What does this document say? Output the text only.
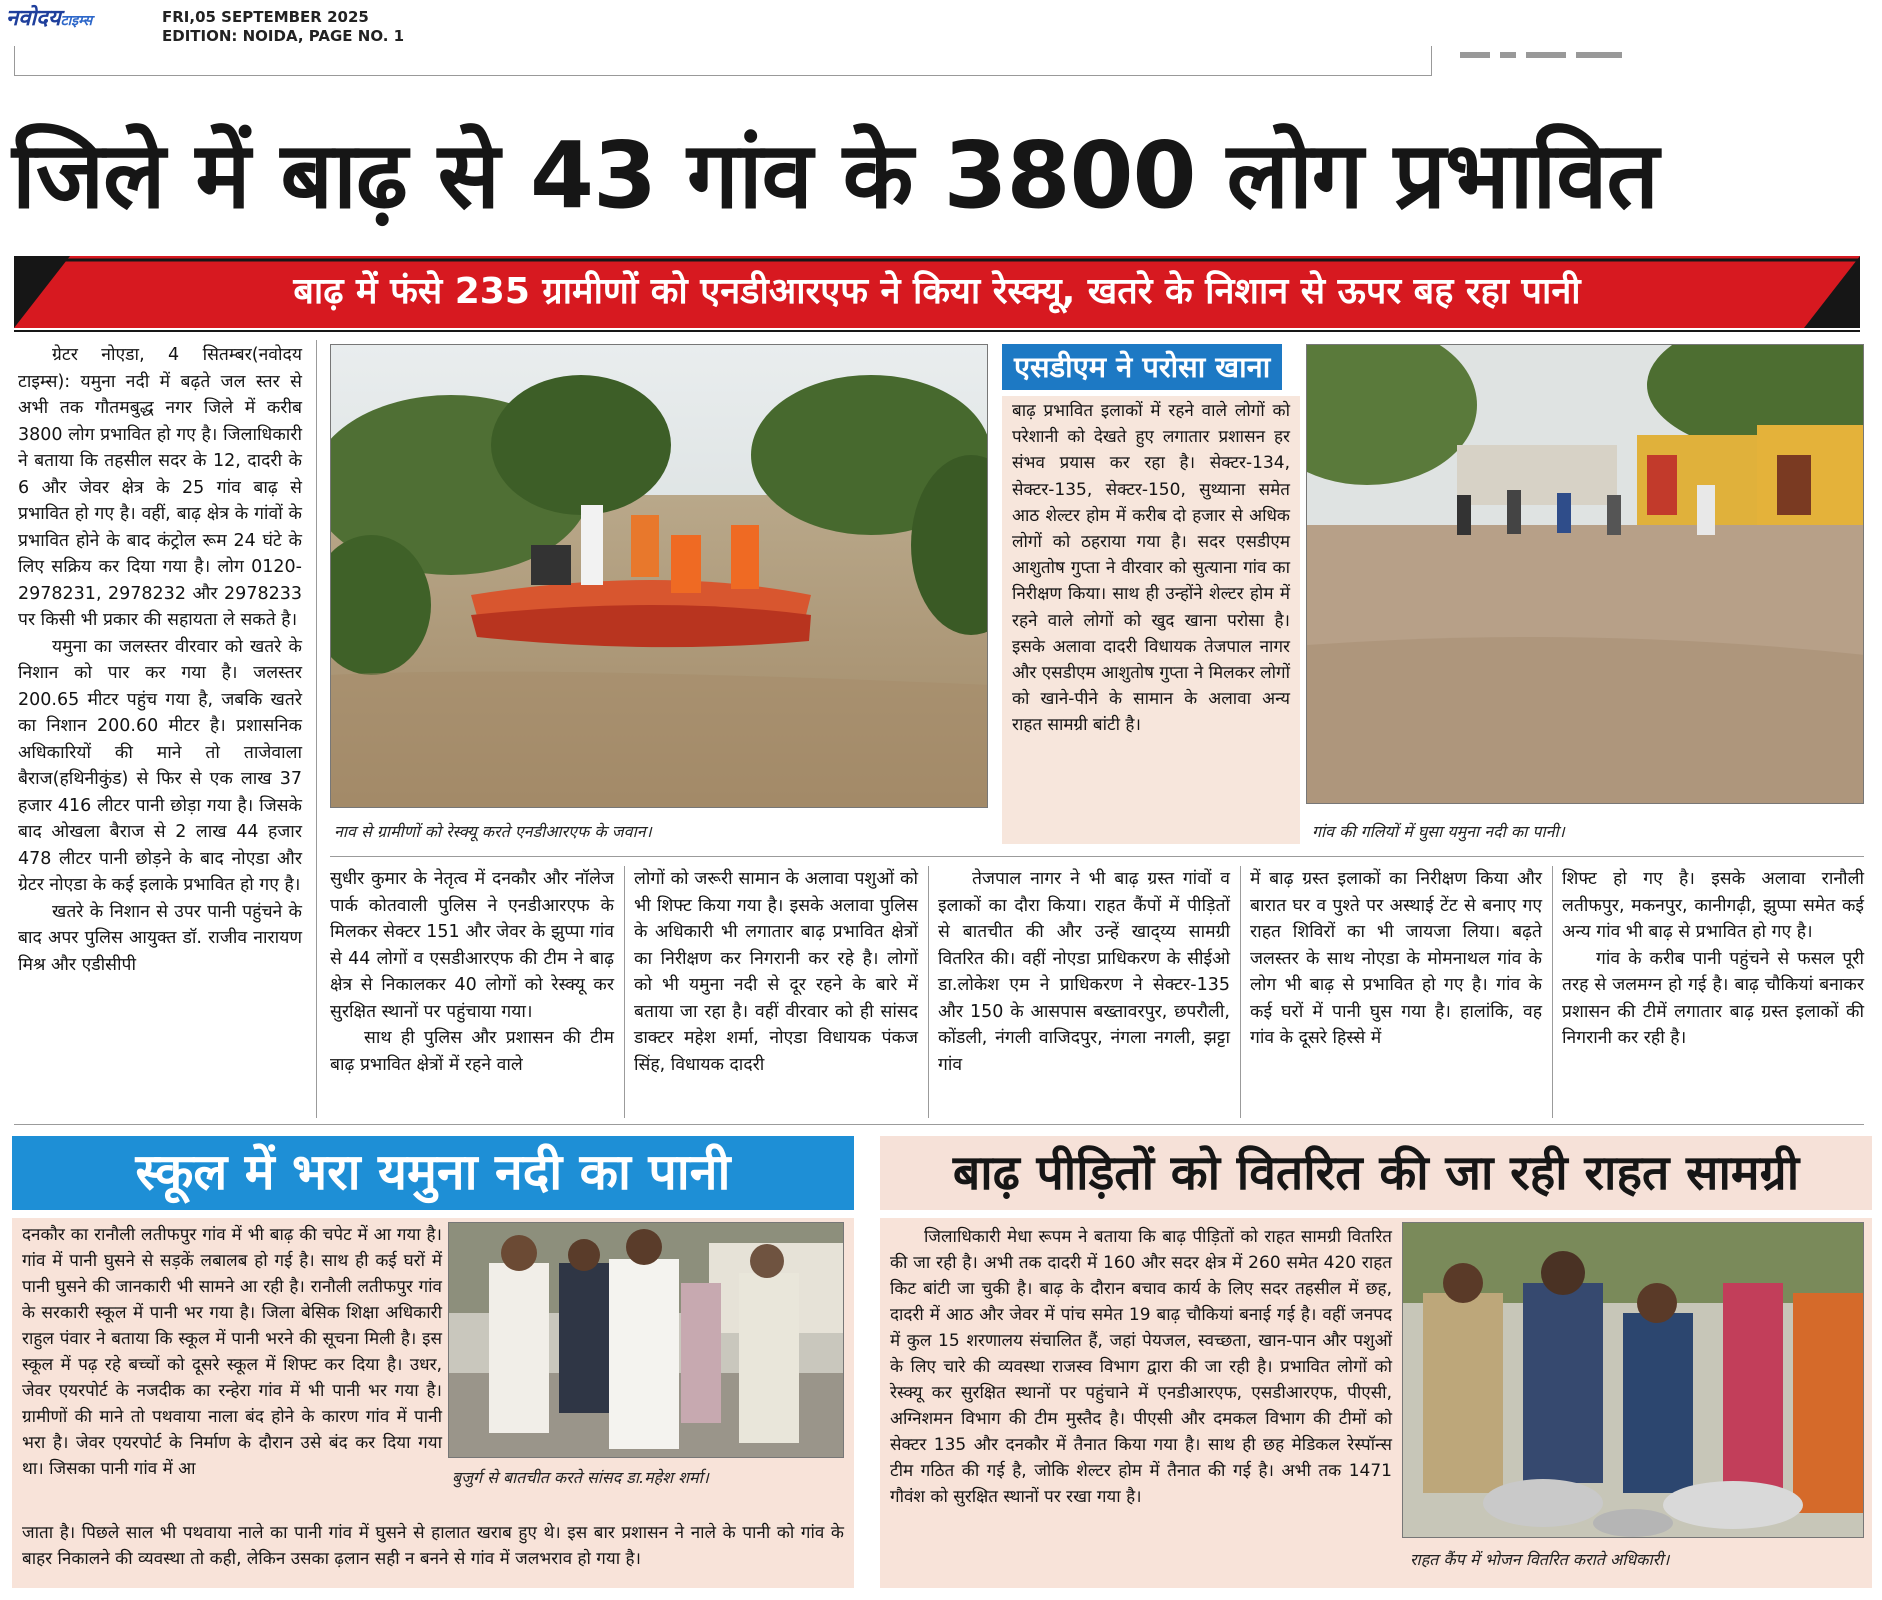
नवोदयटाइम्स	FRI,05 SEPTEMBER 2025
EDITION: NOIDA, PAGE NO. 1
जिले में बाढ़ से 43 गांव के 3800 लोग प्रभावित
बाढ़ में फंसे 235 ग्रामीणों को एनडीआरएफ ने किया रेस्क्यू, खतरे के निशान से ऊपर बह रहा पानी

ग्रेटर नोएडा, 4 सितम्बर(नवोदय टाइम्स): यमुना नदी में बढ़ते जल स्तर से अभी तक गौतमबुद्ध नगर जिले में करीब 3800 लोग प्रभावित हो गए है। जिलाधिकारी ने बताया कि तहसील सदर के 12, दादरी के 6 और जेवर क्षेत्र के 25 गांव बाढ़ से प्रभावित हो गए है। वहीं, बाढ़ क्षेत्र के गांवों के प्रभावित होने के बाद कंट्रोल रूम 24 घंटे के लिए सक्रिय कर दिया गया है। लोग 0120-2978231, 2978232 और 2978233 पर किसी भी प्रकार की सहायता ले सकते है।

यमुना का जलस्तर वीरवार को खतरे के निशान को पार कर गया है। जलस्तर 200.65 मीटर पहुंच गया है, जबकि खतरे का निशान 200.60 मीटर है। प्रशासनिक अधिकारियों की माने तो ताजेवाला बैराज(हथिनीकुंड) से फिर से एक लाख 37 हजार 416 लीटर पानी छोड़ा गया है। जिसके बाद ओखला बैराज से 2 लाख 44 हजार 478 लीटर पानी छोड़ने के बाद नोएडा और ग्रेटर नोएडा के कई इलाके प्रभावित हो गए है।

खतरे के निशान से उपर पानी पहुंचने के बाद अपर पुलिस आयुक्त डॉ. राजीव नारायण मिश्र और एडीसीपी

नाव से ग्रामीणों को रेस्क्यू करते एनडीआरएफ के जवान।
एसडीएम ने परोसा खाना

बाढ़ प्रभावित इलाकों में रहने वाले लोगों को परेशानी को देखते हुए लगातार प्रशासन हर संभव प्रयास कर रहा है। सेक्टर-134, सेक्टर-135, सेक्टर-150, सुथ्याना समेत आठ शेल्टर होम में करीब दो हजार से अधिक लोगों को ठहराया गया है। सदर एसडीएम आशुतोष गुप्ता ने वीरवार को सुत्याना गांव का निरीक्षण किया। साथ ही उन्होंने शेल्टर होम में रहने वाले लोगों को खुद खाना परोसा है। इसके अलावा दादरी विधायक तेजपाल नागर और एसडीएम आशुतोष गुप्ता ने मिलकर लोगों को खाने-पीने के सामान के अलावा अन्य राहत सामग्री बांटी है।

गांव की गलियों में घुसा यमुना नदी का पानी।

सुधीर कुमार के नेतृत्व में दनकौर और नॉलेज पार्क कोतवाली पुलिस ने एनडीआरएफ के मिलकर सेक्टर 151 और जेवर के झुप्पा गांव से 44 लोगों व एसडीआरएफ की टीम ने बाढ़ क्षेत्र से निकालकर 40 लोगों को रेस्क्यू कर सुरक्षित स्थानों पर पहुंचाया गया।

साथ ही पुलिस और प्रशासन की टीम बाढ़ प्रभावित क्षेत्रों में रहने वाले

लोगों को जरूरी सामान के अलावा पशुओं को भी शिफ्ट किया गया है। इसके अलावा पुलिस के अधिकारी भी लगातार बाढ़ प्रभावित क्षेत्रों का निरीक्षण कर निगरानी कर रहे है। लोगों को भी यमुना नदी से दूर रहने के बारे में बताया जा रहा है। वहीं वीरवार को ही सांसद डाक्टर महेश शर्मा, नोएडा विधायक पंकज सिंह, विधायक दादरी

तेजपाल नागर ने भी बाढ़ ग्रस्त गांवों व इलाकों का दौरा किया। राहत कैंपों में पीड़ितों से बातचीत की और उन्हें खाद्य्य सामग्री वितरित की। वहीं नोएडा प्राधिकरण के सीईओ डा.लोकेश एम ने प्राधिकरण ने सेक्टर-135 और 150 के आसपास बख्तावरपुर, छपरौली, कोंडली, नंगली वाजिदपुर, नंगला नगली, झट्टा गांव

में बाढ़ ग्रस्त इलाकों का निरीक्षण किया और बारात घर व पुश्ते पर अस्थाई टेंट से बनाए गए राहत शिविरों का भी जायजा लिया। बढ़ते जलस्तर के साथ नोएडा के मोमनाथल गांव के लोग भी बाढ़ से प्रभावित हो गए है। गांव के कई घरों में पानी घुस गया है। हालांकि, वह गांव के दूसरे हिस्से में

शिफ्ट हो गए है। इसके अलावा रानौली लतीफपुर, मकनपुर, कानीगढ़ी, झुप्पा समेत कई अन्य गांव भी बाढ़ से प्रभावित हो गए है।

गांव के करीब पानी पहुंचने से फसल पूरी तरह से जलमग्न हो गई है। बाढ़ चौकियां बनाकर प्रशासन की टीमें लगातार बाढ़ ग्रस्त इलाकों की निगरानी कर रही है।

स्कूल में भरा यमुना नदी का पानी

दनकौर का रानौली लतीफपुर गांव में भी बाढ़ की चपेट में आ गया है। गांव में पानी घुसने से सड़कें लबालब हो गई है। साथ ही कई घरों में पानी घुसने की जानकारी भी सामने आ रही है। रानौली लतीफपुर गांव के सरकारी स्कूल में पानी भर गया है। जिला बेसिक शिक्षा अधिकारी राहुल पंवार ने बताया कि स्कूल में पानी भरने की सूचना मिली है। इस स्कूल में पढ़ रहे बच्चों को दूसरे स्कूल में शिफ्ट कर दिया है। उधर, जेवर एयरपोर्ट के नजदीक का रन्हेरा गांव में भी पानी भर गया है। ग्रामीणों की माने तो पथवाया नाला बंद होने के कारण गांव में पानी भरा है। जेवर एयरपोर्ट के निर्माण के दौरान उसे बंद कर दिया गया था। जिसका पानी गांव में आ

जाता है। पिछले साल भी पथवाया नाले का पानी गांव में घुसने से हालात खराब हुए थे। इस बार प्रशासन ने नाले के पानी को गांव के बाहर निकालने की व्यवस्था तो कही, लेकिन उसका ढ़लान सही न बनने से गांव में जलभराव हो गया है।

बुजुर्ग से बातचीत करते सांसद डा.महेश शर्मा।
बाढ़ पीड़ितों को वितरित की जा रही राहत सामग्री

जिलाधिकारी मेधा रूपम ने बताया कि बाढ़ पीड़ितों को राहत सामग्री वितरित की जा रही है। अभी तक दादरी में 160 और सदर क्षेत्र में 260 समेत 420 राहत किट बांटी जा चुकी है। बाढ़ के दौरान बचाव कार्य के लिए सदर तहसील में छह, दादरी में आठ और जेवर में पांच समेत 19 बाढ़ चौकियां बनाई गई है। वहीं जनपद में कुल 15 शरणालय संचालित हैं, जहां पेयजल, स्वच्छता, खान-पान और पशुओं के लिए चारे की व्यवस्था राजस्व विभाग द्वारा की जा रही है। प्रभावित लोगों को रेस्क्यू कर सुरक्षित स्थानों पर पहुंचाने में एनडीआरएफ, एसडीआरएफ, पीएसी, अग्निशमन विभाग की टीम मुस्तैद है। पीएसी और दमकल विभाग की टीमों को सेक्टर 135 और दनकौर में तैनात किया गया है। साथ ही छह मेडिकल रेस्पॉन्स टीम गठित की गई है, जोकि शेल्टर होम में तैनात की गई है। अभी तक 1471 गौवंश को सुरक्षित स्थानों पर रखा गया है।

राहत कैंप में भोजन वितरित कराते अधिकारी।
